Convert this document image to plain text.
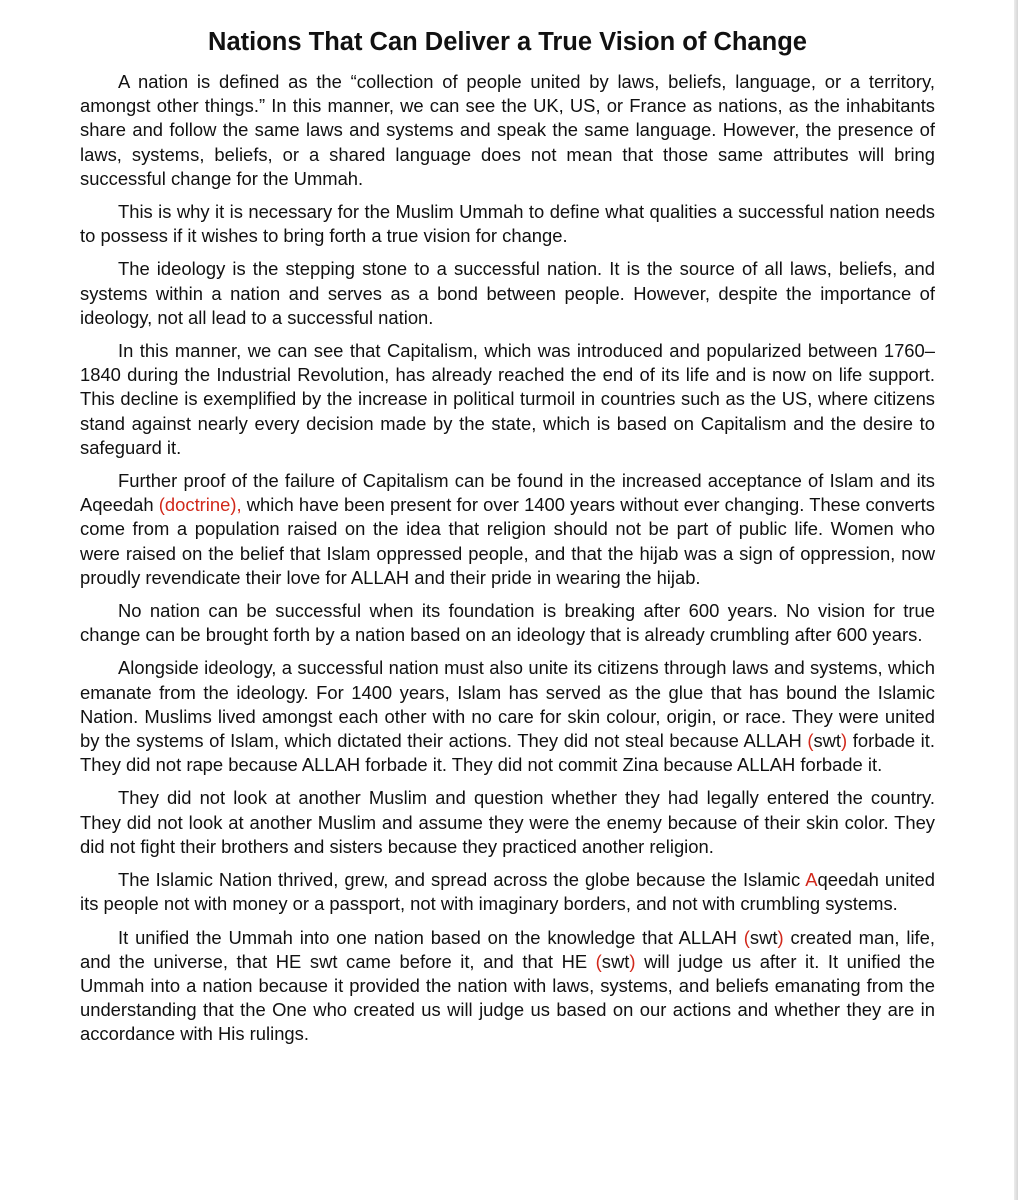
Nations That Can Deliver a True Vision of Change

A nation is defined as the “collection of people united by laws, beliefs, language, or a territory, amongst other things.” In this manner, we can see the UK, US, or France as nations, as the inhabitants share and follow the same laws and systems and speak the same language. However, the presence of laws, systems, beliefs, or a shared language does not mean that those same attributes will bring successful change for the Ummah.

This is why it is necessary for the Muslim Ummah to define what qualities a successful nation needs to possess if it wishes to bring forth a true vision for change.

The ideology is the stepping stone to a successful nation. It is the source of all laws, beliefs, and systems within a nation and serves as a bond between people. However, despite the importance of ideology, not all lead to a successful nation.

In this manner, we can see that Capitalism, which was introduced and popularized between 1760–1840 during the Industrial Revolution, has already reached the end of its life and is now on life support. This decline is exemplified by the increase in political turmoil in countries such as the US, where citizens stand against nearly every decision made by the state, which is based on Capitalism and the desire to safeguard it.

Further proof of the failure of Capitalism can be found in the increased acceptance of Islam and its Aqeedah (doctrine), which have been present for over 1400 years without ever changing. These converts come from a population raised on the idea that religion should not be part of public life. Women who were raised on the belief that Islam oppressed people, and that the hijab was a sign of oppression, now proudly revendicate their love for ALLAH and their pride in wearing the hijab.

No nation can be successful when its foundation is breaking after 600 years. No vision for true change can be brought forth by a nation based on an ideology that is already crumbling after 600 years.

Alongside ideology, a successful nation must also unite its citizens through laws and systems, which emanate from the ideology. For 1400 years, Islam has served as the glue that has bound the Islamic Nation. Muslims lived amongst each other with no care for skin colour, origin, or race. They were united by the systems of Islam, which dictated their actions. They did not steal because ALLAH (swt) forbade it. They did not rape because ALLAH forbade it. They did not commit Zina because ALLAH forbade it.

They did not look at another Muslim and question whether they had legally entered the country. They did not look at another Muslim and assume they were the enemy because of their skin color. They did not fight their brothers and sisters because they practiced another religion.

The Islamic Nation thrived, grew, and spread across the globe because the Islamic Aqeedah united its people not with money or a passport, not with imaginary borders, and not with crumbling systems.

It unified the Ummah into one nation based on the knowledge that ALLAH (swt) created man, life, and the universe, that HE swt came before it, and that HE (swt) will judge us after it. It unified the Ummah into a nation because it provided the nation with laws, systems, and beliefs emanating from the understanding that the One who created us will judge us based on our actions and whether they are in accordance with His rulings.
